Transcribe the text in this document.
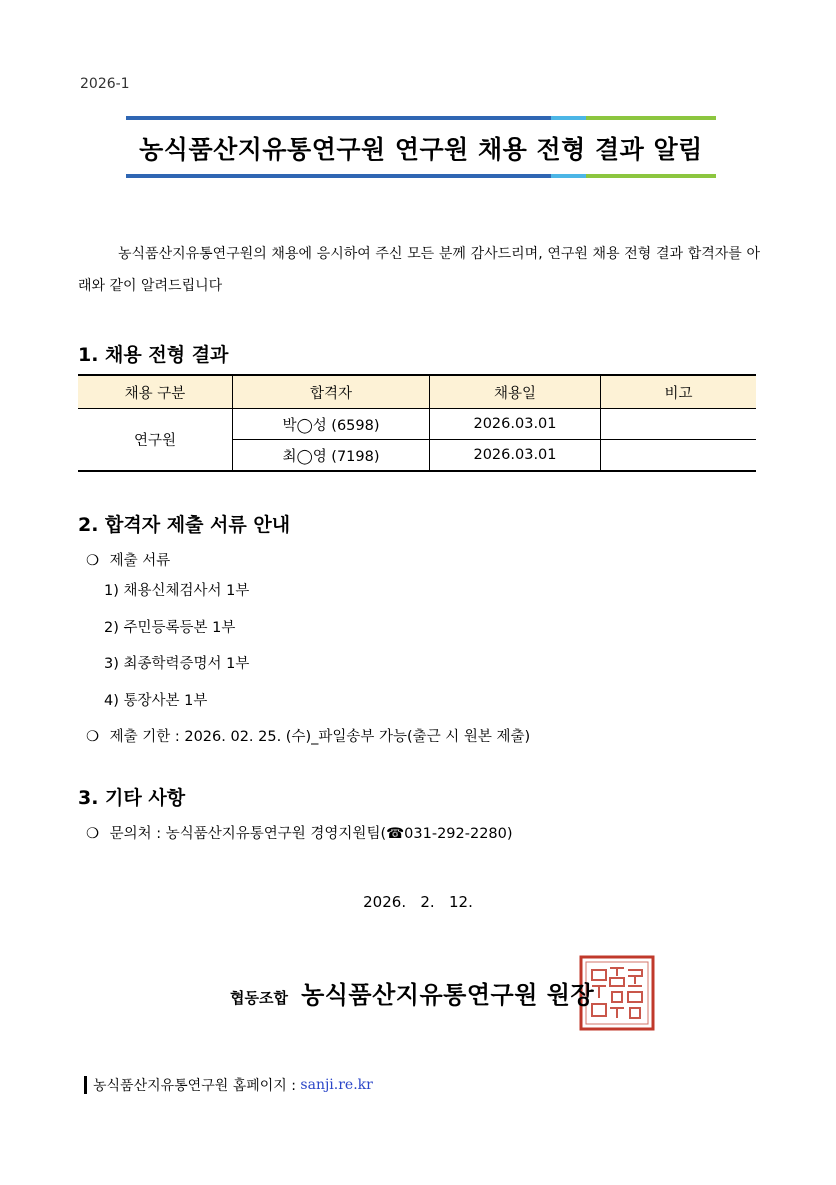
2026-1
농식품산지유통연구원 연구원 채용 전형 결과 알림
농식품산지유통연구원의 채용에 응시하여 주신 모든 분께 감사드리며, 연구원 채용 전형 결과 합격자를 아래와 같이 알려드립니다
1. 채용 전형 결과
채용 구분	합격자	채용일	비고
연구원	박◯성 (6598)	2026.03.01	
	최◯영 (7198)	2026.03.01	
2. 합격자 제출 서류 안내
❍ 제출 서류
1) 채용신체검사서 1부
2) 주민등록등본 1부
3) 최종학력증명서 1부
4) 통장사본 1부
❍ 제출 기한 : 2026. 02. 25. (수)_파일송부 가능(출근 시 원본 제출)
3. 기타 사항
❍ 문의처 : 농식품산지유통연구원 경영지원팀(☎031-292-2280)
2026.   2.   12.
협동조합 농식품산지유통연구원 원장
농식품산지유통연구원 홈페이지 : sanji.re.kr
